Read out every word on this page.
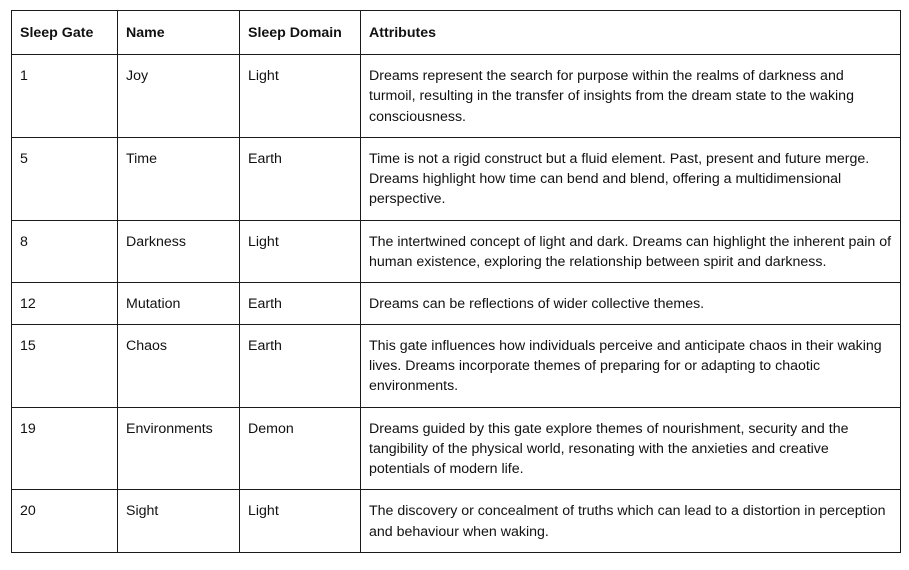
Sleep Gate	Name	Sleep Domain	Attributes
1	Joy	Light	Dreams represent the search for purpose within the realms of darkness and turmoil, resulting in the transfer of insights from the dream state to the waking consciousness.
5	Time	Earth	Time is not a rigid construct but a fluid element. Past, present and future merge. Dreams highlight how time can bend and blend, offering a multidimensional perspective.
8	Darkness	Light	The intertwined concept of light and dark. Dreams can highlight the inherent pain of human existence, exploring the relationship between spirit and darkness.
12	Mutation	Earth	Dreams can be reflections of wider collective themes.
15	Chaos	Earth	This gate influences how individuals perceive and anticipate chaos in their waking lives. Dreams incorporate themes of preparing for or adapting to chaotic environments.
19	Environments	Demon	Dreams guided by this gate explore themes of nourishment, security and the tangibility of the physical world, resonating with the anxieties and creative potentials of modern life.
20	Sight	Light	The discovery or concealment of truths which can lead to a distortion in perception and behaviour when waking.
